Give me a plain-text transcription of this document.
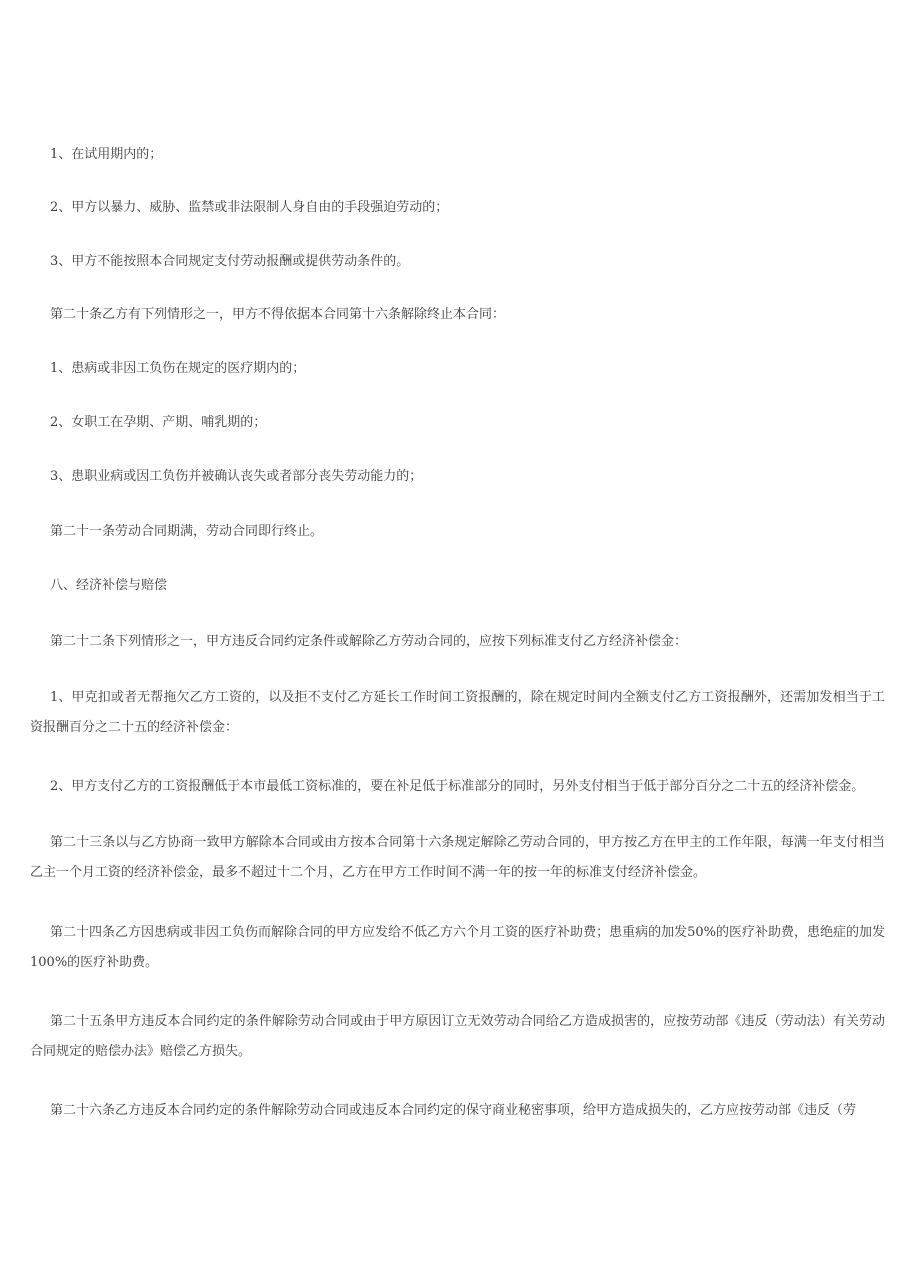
1、在试用期内的；

2、甲方以暴力、威胁、监禁或非法限制人身自由的手段强迫劳动的；

3、甲方不能按照本合同规定支付劳动报酬或提供劳动条件的。

第二十条乙方有下列情形之一，甲方不得依据本合同第十六条解除终止本合同：

1、患病或非因工负伤在规定的医疗期内的；

2、女职工在孕期、产期、哺乳期的；

3、患职业病或因工负伤并被确认丧失或者部分丧失劳动能力的；

第二十一条劳动合同期满，劳动合同即行终止。

八、经济补偿与赔偿

第二十二条下列情形之一，甲方违反合同约定条件或解除乙方劳动合同的，应按下列标准支付乙方经济补偿金：

1、甲克扣或者无帮拖欠乙方工资的，以及拒不支付乙方延长工作时间工资报酬的，除在规定时间内全额支付乙方工资报酬外，还需加发相当于工资报酬百分之二十五的经济补偿金：

2、甲方支付乙方的工资报酬低于本市最低工资标准的，要在补足低于标准部分的同时，另外支付相当于低于部分百分之二十五的经济补偿金。

第二十三条以与乙方协商一致甲方解除本合同或由方按本合同第十六条规定解除乙劳动合同的，甲方按乙方在甲主的工作年限，每满一年支付相当乙主一个月工资的经济补偿金，最多不超过十二个月，乙方在甲方工作时间不满一年的按一年的标准支付经济补偿金。

第二十四条乙方因患病或非因工负伤而解除合同的甲方应发给不低乙方六个月工资的医疗补助费；患重病的加发50%的医疗补助费，患绝症的加发100%的医疗补助费。

第二十五条甲方违反本合同约定的条件解除劳动合同或由于甲方原因订立无效劳动合同给乙方造成损害的，应按劳动部《违反（劳动法）有关劳动合同规定的赔偿办法》赔偿乙方损失。

第二十六条乙方违反本合同约定的条件解除劳动合同或违反本合同约定的保守商业秘密事项，给甲方造成损失的，乙方应按劳动部《违反（劳
